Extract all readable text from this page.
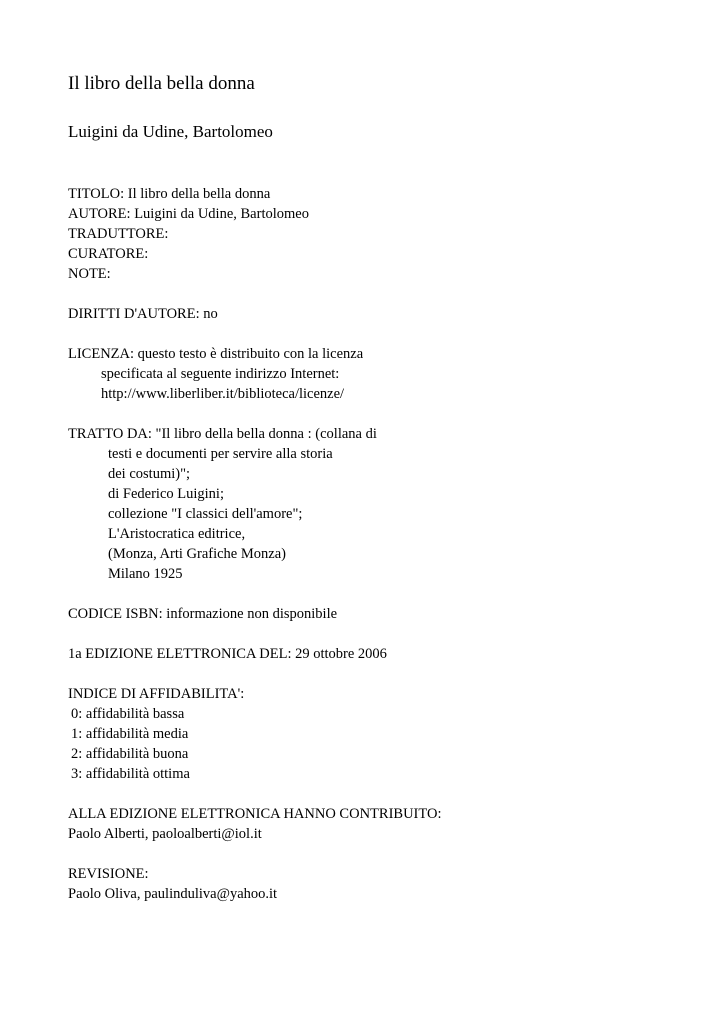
Il libro della bella donna
Luigini da Udine, Bartolomeo
TITOLO: Il libro della bella donna
AUTORE: Luigini da Udine, Bartolomeo
TRADUTTORE:
CURATORE:
NOTE:
DIRITTI D'AUTORE: no
LICENZA: questo testo è distribuito con la licenza
specificata al seguente indirizzo Internet:
http://www.liberliber.it/biblioteca/licenze/
TRATTO DA: "Il libro della bella donna : (collana di
testi e documenti per servire alla storia
dei costumi)";
di Federico Luigini;
collezione "I classici dell'amore";
L'Aristocratica editrice,
(Monza, Arti Grafiche Monza)
Milano 1925
CODICE ISBN: informazione non disponibile
1a EDIZIONE ELETTRONICA DEL: 29 ottobre 2006
INDICE DI AFFIDABILITA':
0: affidabilità bassa
1: affidabilità media
2: affidabilità buona
3: affidabilità ottima
ALLA EDIZIONE ELETTRONICA HANNO CONTRIBUITO:
Paolo Alberti, paoloalberti@iol.it
REVISIONE:
Paolo Oliva, paulinduliva@yahoo.it
